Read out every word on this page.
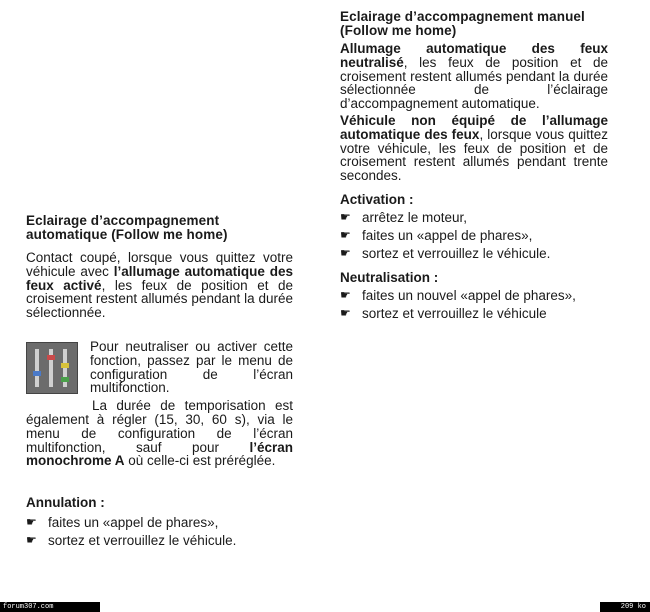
Eclairage d’accompagnement automatique (Follow me home)

Contact coupé, lorsque vous quittez votre véhicule avec l’allumage automatique des feux activé, les feux de position et de croisement restent allumés pendant la durée sélectionnée.

Pour neutraliser ou activer cette fonction, passez par le menu de configuration de l’écran multifonction.

La durée de temporisation est également à régler (15, 30, 60 s), via le menu de configuration de l’écran multifonction, sauf pour l’écran monochrome A où celle-ci est préréglée.

Annulation :

☛ faites un «appel de phares»,
☛ sortez et verrouillez le véhicule.
Eclairage d’accompagnement manuel (Follow me home)

Allumage automatique des feux neutralisé, les feux de position et de croisement restent allumés pendant la durée sélectionnée de l’éclairage d’accompagnement automatique.

Véhicule non équipé de l’allumage automatique des feux, lorsque vous quittez votre véhicule, les feux de position et de croisement restent allumés pendant trente secondes.

Activation :

☛ arrêtez le moteur,
☛ faites un «appel de phares»,
☛ sortez et verrouillez le véhicule.

Neutralisation :

☛ faites un nouvel «appel de phares»,
☛ sortez et verrouillez le véhicule
forum307.com	209 ko
